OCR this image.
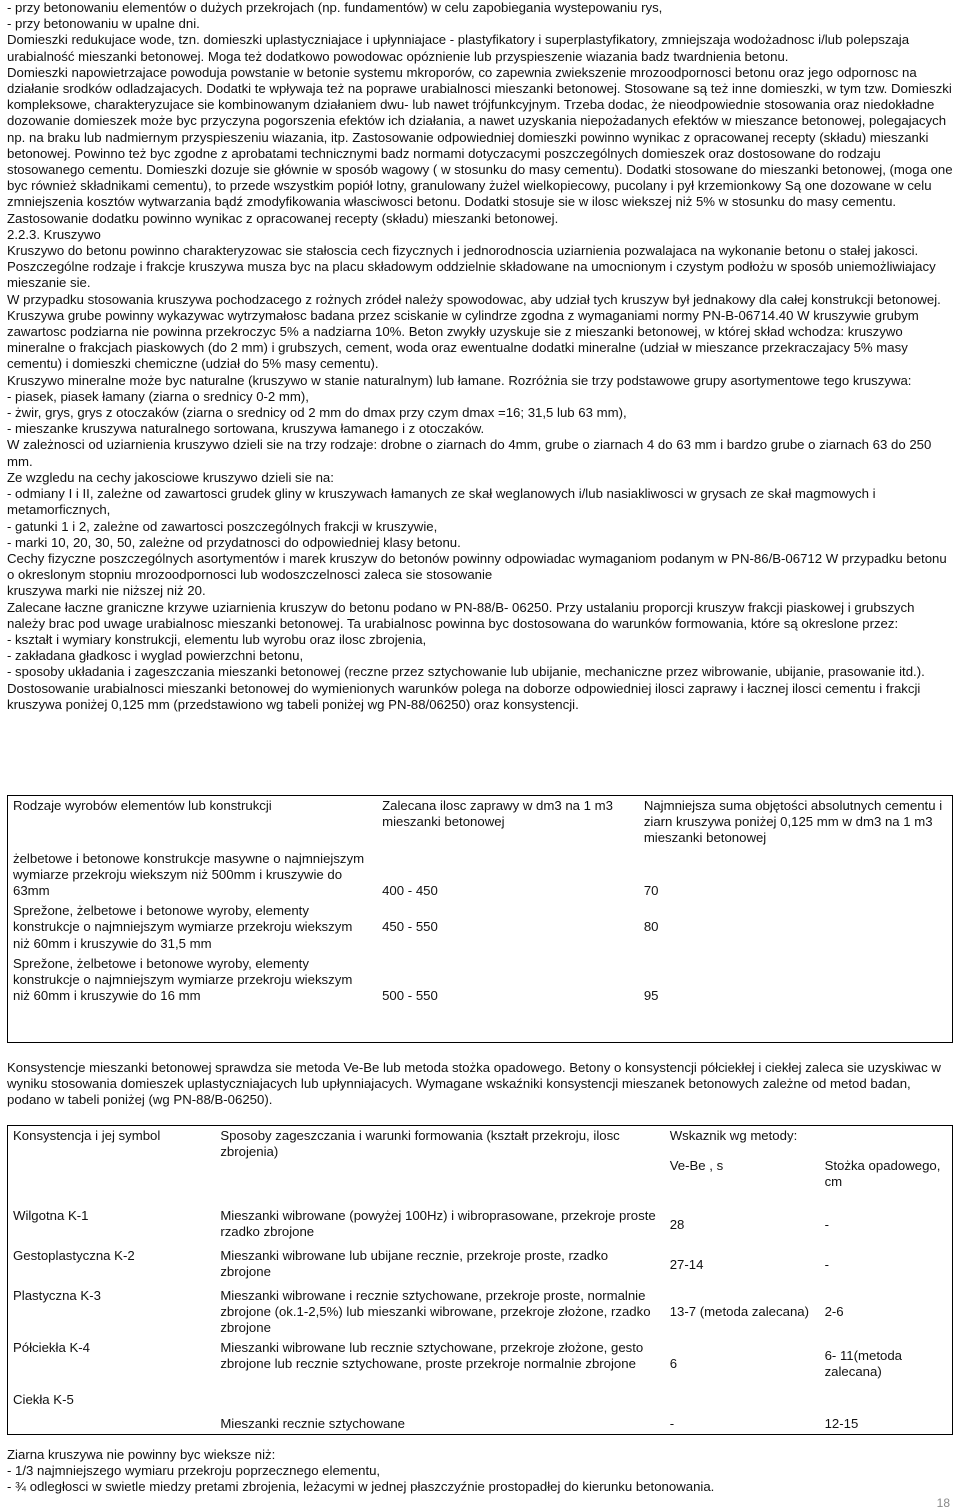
- przy betonowaniu elementów o dużych przekrojach (np. fundamentów) w celu zapobiegania wystepowaniu rys,

- przy betonowaniu w upalne dni.

Domieszki redukujace wode, tzn. domieszki uplastyczniajace i upłynniajace - plastyfikatory i superplastyfikatory, zmniejszaja wodożadnosc i/lub polepszaja urabialność mieszanki betonowej. Moga też dodatkowo powodowac opóznienie lub przyspieszenie wiazania badz twardnienia betonu.

Domieszki napowietrzajace powoduja powstanie w betonie systemu mkroporów, co zapewnia zwiekszenie mrozoodpornosci betonu oraz jego odpornosc na działanie srodków odladzajacych. Dodatki te wpływaja też na poprawe urabialnosci mieszanki betonowej. Stosowane są też inne domieszki, w tym tzw. Domieszki kompleksowe, charakteryzujace sie kombinowanym działaniem dwu- lub nawet trójfunkcyjnym. Trzeba dodac, że nieodpowiednie stosowania oraz niedokładne dozowanie domieszek może byc przyczyna pogorszenia efektów ich działania, a nawet uzyskania niepożadanych efektów w mieszance betonowej, polegajacych np. na braku lub nadmiernym przyspieszeniu wiazania, itp. Zastosowanie odpowiedniej domieszki powinno wynikac z opracowanej recepty (składu) mieszanki betonowej. Powinno też byc zgodne z aprobatami technicznymi badz normami dotyczacymi poszczególnych domieszek oraz dostosowane do rodzaju stosowanego cementu. Domieszki dozuje sie głównie w sposób wagowy ( w stosunku do masy cementu). Dodatki stosowane do mieszanki betonowej, (moga one byc również składnikami cementu), to przede wszystkim popiół lotny, granulowany żużel wielkopiecowy, pucolany i pył krzemionkowy Są one dozowane w celu zmniejszenia kosztów wytwarzania bądź zmodyfikowania własciwosci betonu. Dodatki stosuje sie w ilosc wiekszej niż 5% w stosunku do masy cementu. Zastosowanie dodatku powinno wynikac z opracowanej recepty (składu) mieszanki betonowej.

2.2.3. Kruszywo

Kruszywo do betonu powinno charakteryzowac sie stałoscia cech fizycznych i jednorodnoscia uziarnienia pozwalajaca na wykonanie betonu o stałej jakosci. Poszczególne rodzaje i frakcje kruszywa musza byc na placu składowym oddzielnie składowane na umocnionym i czystym podłożu w sposób uniemożliwiajacy mieszanie sie.

W przypadku stosowania kruszywa pochodzacego z rożnych zródeł należy spowodowac, aby udział tych kruszyw był jednakowy dla całej konstrukcji betonowej. Kruszywa grube powinny wykazywac wytrzymałosc badana przez sciskanie w cylindrze zgodna z wymaganiami normy PN-B-06714.40 W kruszywie grubym zawartosc podziarna nie powinna przekroczyc 5% a nadziarna 10%. Beton zwykły uzyskuje sie z mieszanki betonowej, w której skład wchodza: kruszywo mineralne o frakcjach piaskowych (do 2 mm) i grubszych, cement, woda oraz ewentualne dodatki mineralne (udział w mieszance przekraczajacy 5% masy cementu) i domieszki chemiczne (udział do 5% masy cementu).

Kruszywo mineralne może byc naturalne (kruszywo w stanie naturalnym) lub łamane. Rozróżnia sie trzy podstawowe grupy asortymentowe tego kruszywa:

- piasek, piasek łamany (ziarna o srednicy 0-2 mm),

- żwir, grys, grys z otoczaków (ziarna o srednicy od 2 mm do dmax przy czym dmax =16; 31,5 lub 63 mm),

- mieszanke kruszywa naturalnego sortowana, kruszywa łamanego i z otoczaków.

W zależnosci od uziarnienia kruszywo dzieli sie na trzy rodzaje: drobne o ziarnach do 4mm, grube o ziarnach 4 do 63 mm i bardzo grube o ziarnach 63 do 250 mm.

Ze wzgledu na cechy jakosciowe kruszywo dzieli sie na:

- odmiany I i II, zależne od zawartosci grudek gliny w kruszywach łamanych ze skał weglanowych i/lub nasiakliwosci w grysach ze skał magmowych i metamorficznych,

- gatunki 1 i 2, zależne od zawartosci poszczególnych frakcji w kruszywie,

- marki 10, 20, 30, 50, zależne od przydatnosci do odpowiedniej klasy betonu.

Cechy fizyczne poszczególnych asortymentów i marek kruszyw do betonów powinny odpowiadac wymaganiom podanym w PN-86/B-06712 W przypadku betonu o okreslonym stopniu mrozoodpornosci lub wodoszczelnosci zaleca sie stosowanie

kruszywa marki nie niższej niż 20.

Zalecane łaczne graniczne krzywe uziarnienia kruszyw do betonu podano w PN-88/B- 06250. Przy ustalaniu proporcji kruszyw frakcji piaskowej i grubszych należy brac pod uwage urabialnosc mieszanki betonowej. Ta urabialnosc powinna byc dostosowana do warunków formowania, które są okreslone przez:

- kształt i wymiary konstrukcji, elementu lub wyrobu oraz ilosc zbrojenia,

- zakładana gładkosc i wyglad powierzchni betonu,

- sposoby układania i zageszczania mieszanki betonowej (reczne przez sztychowanie lub ubijanie, mechaniczne przez wibrowanie, ubijanie, prasowanie itd.).

Dostosowanie urabialnosci mieszanki betonowej do wymienionych warunków polega na doborze odpowiedniej ilosci zaprawy i łacznej ilosci cementu i frakcji kruszywa poniżej 0,125 mm (przedstawiono wg tabeli poniżej wg PN-88/06250) oraz konsystencji.

Rodzaje wyrobów elementów lub konstrukcji	Zalecana ilosc zaprawy w dm3 na 1 m3 mieszanki betonowej	Najmniejsza suma objętości absolutnych cementu i ziarn kruszywa poniżej 0,125 mm w dm3 na 1 m3 mieszanki betonowej
żelbetowe i betonowe konstrukcje masywne o najmniejszym wymiarze przekroju wiekszym niż 500mm i kruszywie do 63mm	400 - 450	70
Sprežone, żelbetowe i betonowe wyroby, elementy konstrukcje o najmniejszym wymiarze przekroju wiekszym niż 60mm i kruszywie do 31,5 mm	450 - 550	80
Sprežone, żelbetowe i betonowe wyroby, elementy konstrukcje o najmniejszym wymiarze przekroju wiekszym niż 60mm i kruszywie do 16 mm	500 - 550	95

Konsystencje mieszanki betonowej sprawdza sie metoda Ve-Be lub metoda stożka opadowego. Betony o konsystencji półciekłej i ciekłej zaleca sie uzyskiwac w wyniku stosowania domieszek uplastyczniajacych lub upłynniajacych. Wymagane wskaźniki konsystencji mieszanek betonowych zależne od metod badan, podano w tabeli poniżej (wg PN-88/B-06250).

Konsystencja i jej symbol	Sposoby zageszczania i warunki formowania (kształt przekroju, ilosc zbrojenia)	Wskaznik wg metody:	
		Ve-Be , s	Stożka opadowego, cm
Wilgotna K-1	Mieszanki wibrowane (powyżej 100Hz) i wibroprasowane, przekroje proste rzadko zbrojone	28	-
Gestoplastyczna K-2	Mieszanki wibrowane lub ubijane recznie, przekroje proste, rzadko zbrojone	27-14	-
Plastyczna K-3	Mieszanki wibrowane i recznie sztychowane, przekroje proste, normalnie zbrojone (ok.1-2,5%) lub mieszanki wibrowane, przekroje złożone, rzadko zbrojone	13-7 (metoda zalecana)	2-6
Półciekła K-4	Mieszanki wibrowane lub recznie sztychowane, przekroje złożone, gesto zbrojone lub recznie sztychowane, proste przekroje normalnie zbrojone	6	6- 11(metoda zalecana)
Ciekła K-5	Mieszanki recznie sztychowane	-	12-15

Ziarna kruszywa nie powinny byc wieksze niż:

- 1/3 najmniejszego wymiaru przekroju poprzecznego elementu,

- ¾ odległosci w swietle miedzy pretami zbrojenia, leżacymi w jednej płaszczyźnie prostopadłej do kierunku betonowania.

18
